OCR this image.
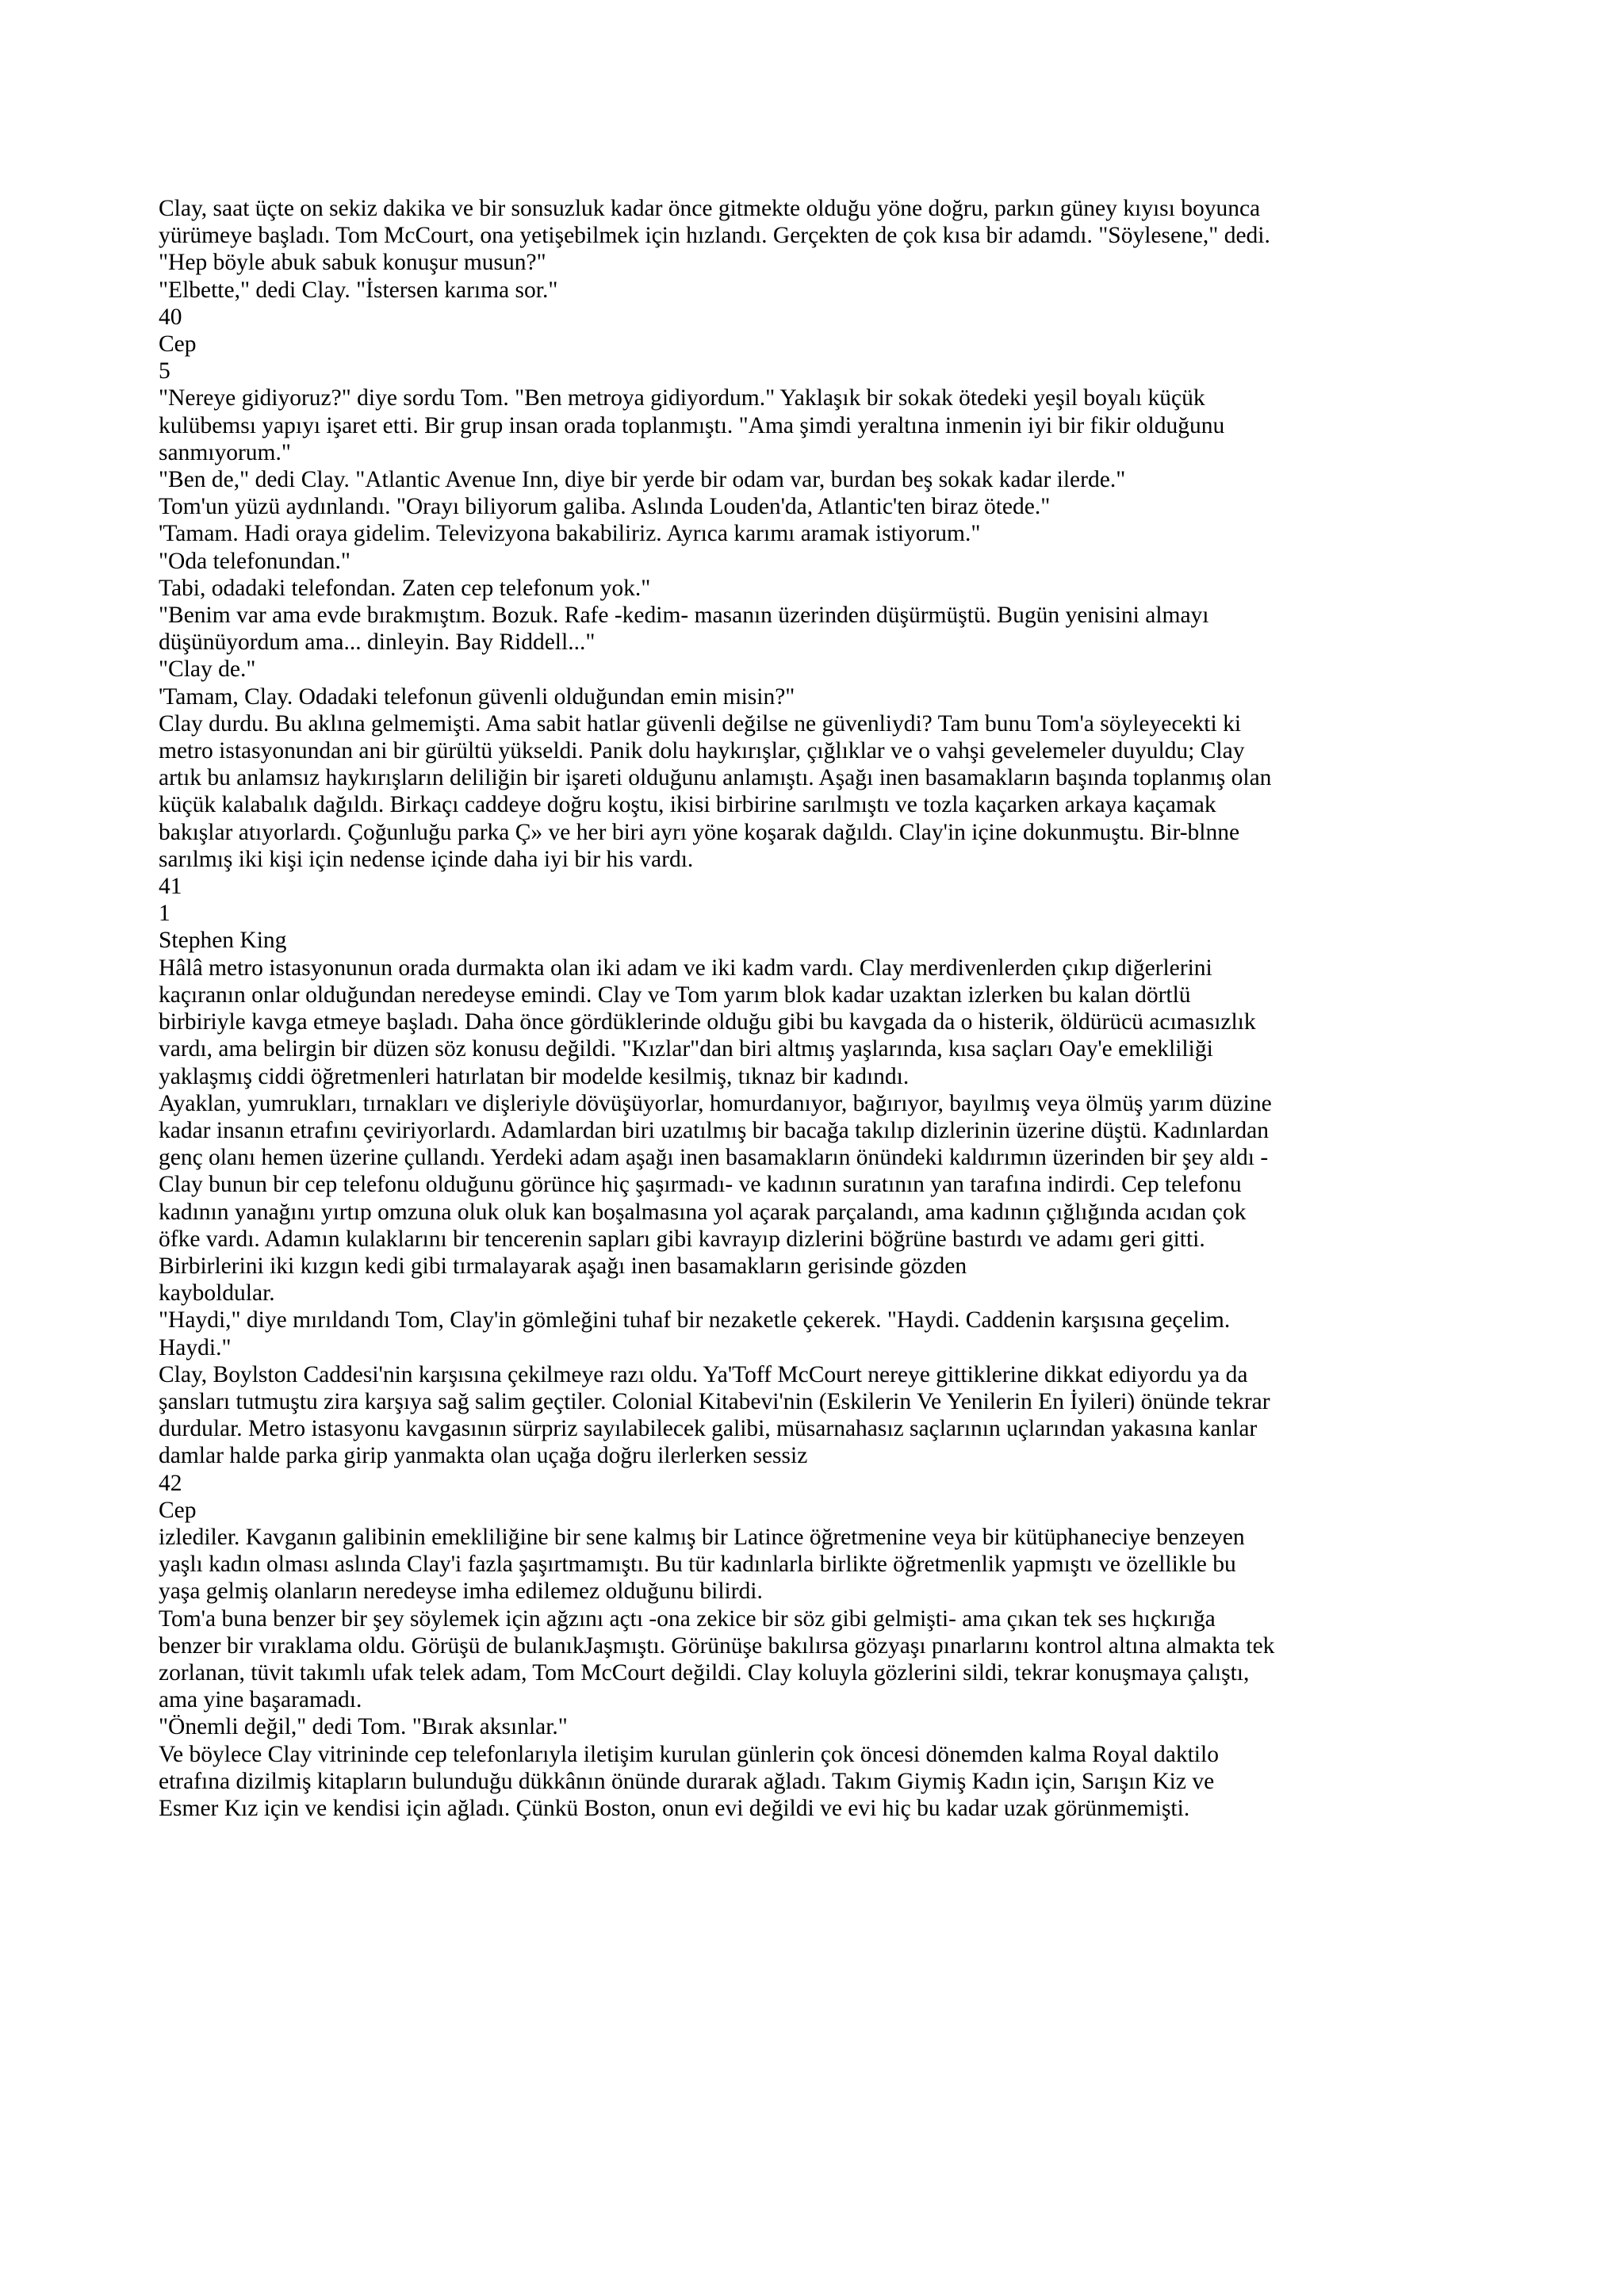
Clay, saat üçte on sekiz dakika ve bir sonsuzluk kadar önce gitmekte olduğu yöne doğru, parkın güney kıyısı boyunca

yürümeye başladı. Tom McCourt, ona yetişebilmek için hızlandı. Gerçekten de çok kısa bir adamdı. "Söylesene," dedi.

"Hep böyle abuk sabuk konuşur musun?"

"Elbette," dedi Clay. "İstersen karıma sor."

40

Cep

5

"Nereye gidiyoruz?" diye sordu Tom. "Ben metroya gidiyordum." Yaklaşık bir sokak ötedeki yeşil boyalı küçük

kulübemsı yapıyı işaret etti. Bir grup insan orada toplanmıştı. "Ama şimdi yeraltına inmenin iyi bir fikir olduğunu

sanmıyorum."

"Ben de," dedi Clay. "Atlantic Avenue Inn, diye bir yerde bir odam var, burdan beş sokak kadar ilerde."

Tom'un yüzü aydınlandı. "Orayı biliyorum galiba. Aslında Louden'da, Atlantic'ten biraz ötede."

'Tamam. Hadi oraya gidelim. Televizyona bakabiliriz. Ayrıca karımı aramak istiyorum."

"Oda telefonundan."

Tabi, odadaki telefondan. Zaten cep telefonum yok."

"Benim var ama evde bırakmıştım. Bozuk. Rafe -kedim- masanın üzerinden düşürmüştü. Bugün yenisini almayı

düşünüyordum ama... dinleyin. Bay Riddell..."

"Clay de."

'Tamam, Clay. Odadaki telefonun güvenli olduğundan emin misin?"

Clay durdu. Bu aklına gelmemişti. Ama sabit hatlar güvenli değilse ne güvenliydi? Tam bunu Tom'a söyleyecekti ki

metro istasyonundan ani bir gürültü yükseldi. Panik dolu haykırışlar, çığlıklar ve o vahşi gevelemeler duyuldu; Clay

artık bu anlamsız haykırışların deliliğin bir işareti olduğunu anlamıştı. Aşağı inen basamakların başında toplanmış olan

küçük kalabalık dağıldı. Birkaçı caddeye doğru koştu, ikisi birbirine sarılmıştı ve tozla kaçarken arkaya kaçamak

bakışlar atıyorlardı. Çoğunluğu parka Ç» ve her biri ayrı yöne koşarak dağıldı. Clay'in içine dokunmuştu. Bir-blnne

sarılmış iki kişi için nedense içinde daha iyi bir his vardı.

41

1

Stephen King

Hâlâ metro istasyonunun orada durmakta olan iki adam ve iki kadm vardı. Clay merdivenlerden çıkıp diğerlerini

kaçıranın onlar olduğundan neredeyse emindi. Clay ve Tom yarım blok kadar uzaktan izlerken bu kalan dörtlü

birbiriyle kavga etmeye başladı. Daha önce gördüklerinde olduğu gibi bu kavgada da o histerik, öldürücü acımasızlık

vardı, ama belirgin bir düzen söz konusu değildi. "Kızlar"dan biri altmış yaşlarında, kısa saçları Oay'e emekliliği

yaklaşmış ciddi öğretmenleri hatırlatan bir modelde kesilmiş, tıknaz bir kadındı.

Ayaklan, yumrukları, tırnakları ve dişleriyle dövüşüyorlar, homurdanıyor, bağırıyor, bayılmış veya ölmüş yarım düzine

kadar insanın etrafını çeviriyorlardı. Adamlardan biri uzatılmış bir bacağa takılıp dizlerinin üzerine düştü. Kadınlardan

genç olanı hemen üzerine çullandı. Yerdeki adam aşağı inen basamakların önündeki kaldırımın üzerinden bir şey aldı -

Clay bunun bir cep telefonu olduğunu görünce hiç şaşırmadı- ve kadının suratının yan tarafına indirdi. Cep telefonu

kadının yanağını yırtıp omzuna oluk oluk kan boşalmasına yol açarak parçalandı, ama kadının çığlığında acıdan çok

öfke vardı. Adamın kulaklarını bir tencerenin sapları gibi kavrayıp dizlerini böğrüne bastırdı ve adamı geri gitti.

Birbirlerini iki kızgın kedi gibi tırmalayarak aşağı inen basamakların gerisinde gözden

kayboldular.

"Haydi," diye mırıldandı Tom, Clay'in gömleğini tuhaf bir nezaketle çekerek. "Haydi. Caddenin karşısına geçelim.

Haydi."

Clay, Boylston Caddesi'nin karşısına çekilmeye razı oldu. Ya'Toff McCourt nereye gittiklerine dikkat ediyordu ya da

şansları tutmuştu zira karşıya sağ salim geçtiler. Colonial Kitabevi'nin (Eskilerin Ve Yenilerin En İyileri) önünde tekrar

durdular. Metro istasyonu kavgasının sürpriz sayılabilecek galibi, müsarnahasız saçlarının uçlarından yakasına kanlar

damlar halde parka girip yanmakta olan uçağa doğru ilerlerken sessiz

42

Cep

izlediler. Kavganın galibinin emekliliğine bir sene kalmış bir Latince öğretmenine veya bir kütüphaneciye benzeyen

yaşlı kadın olması aslında Clay'i fazla şaşırtmamıştı. Bu tür kadınlarla birlikte öğretmenlik yapmıştı ve özellikle bu

yaşa gelmiş olanların neredeyse imha edilemez olduğunu bilirdi.

Tom'a buna benzer bir şey söylemek için ağzını açtı -ona zekice bir söz gibi gelmişti- ama çıkan tek ses hıçkırığa

benzer bir vıraklama oldu. Görüşü de bulanıkJaşmıştı. Görünüşe bakılırsa gözyaşı pınarlarını kontrol altına almakta tek

zorlanan, tüvit takımlı ufak telek adam, Tom McCourt değildi. Clay koluyla gözlerini sildi, tekrar konuşmaya çalıştı,

ama yine başaramadı.

"Önemli değil," dedi Tom. "Bırak aksınlar."

Ve böylece Clay vitrininde cep telefonlarıyla iletişim kurulan günlerin çok öncesi dönemden kalma Royal daktilo

etrafına dizilmiş kitapların bulunduğu dükkânın önünde durarak ağladı. Takım Giymiş Kadın için, Sarışın Kiz ve

Esmer Kız için ve kendisi için ağladı. Çünkü Boston, onun evi değildi ve evi hiç bu kadar uzak görünmemişti.
